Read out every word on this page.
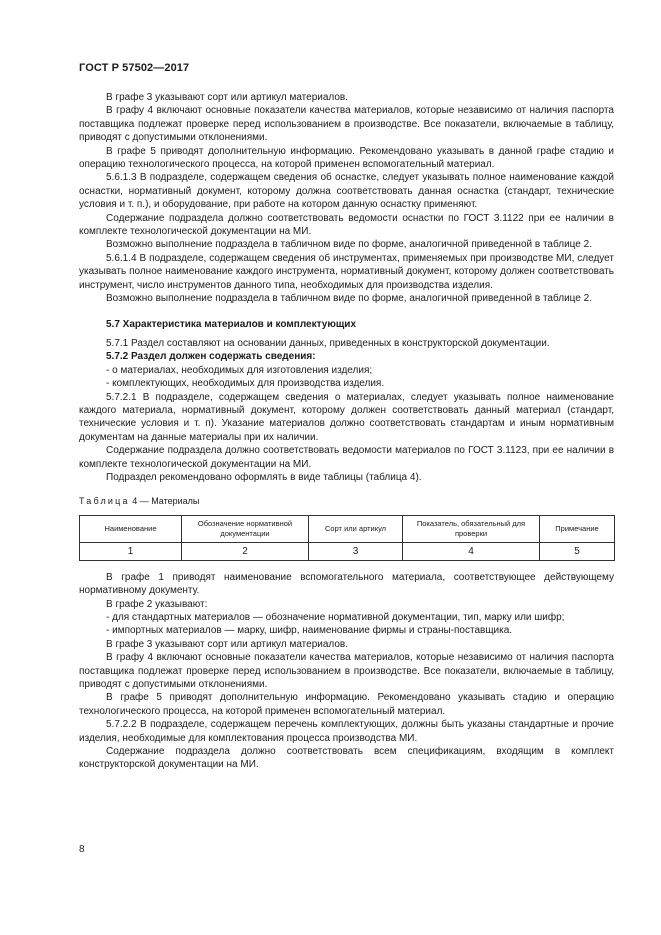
ГОСТ Р 57502—2017

В графе 3 указывают сорт или артикул материалов.

В графу 4 включают основные показатели качества материалов, которые независимо от наличия паспорта поставщика подлежат проверке перед использованием в производстве. Все показатели, включаемые в таблицу, приводят с допустимыми отклонениями.

В графе 5 приводят дополнительную информацию. Рекомендовано указывать в данной графе стадию и операцию технологического процесса, на которой применен вспомогательный материал.

5.6.1.3 В подразделе, содержащем сведения об оснастке, следует указывать полное наименование каждой оснастки, нормативный документ, которому должна соответствовать данная оснастка (стандарт, технические условия и т. п.), и оборудование, при работе на котором данную оснастку применяют.

Содержание подраздела должно соответствовать ведомости оснастки по ГОСТ 3.1122 при ее наличии в комплекте технологической документации на МИ.

Возможно выполнение подраздела в табличном виде по форме, аналогичной приведенной в таблице 2.

5.6.1.4 В подразделе, содержащем сведения об инструментах, применяемых при производстве МИ, следует указывать полное наименование каждого инструмента, нормативный документ, которому должен соответствовать инструмент, число инструментов данного типа, необходимых для производства изделия.

Возможно выполнение подраздела в табличном виде по форме, аналогичной приведенной в таблице 2.

5.7 Характеристика материалов и комплектующих

5.7.1 Раздел составляют на основании данных, приведенных в конструкторской документации.

5.7.2 Раздел должен содержать сведения:

- о материалах, необходимых для изготовления изделия;

- комплектующих, необходимых для производства изделия.

5.7.2.1 В подразделе, содержащем сведения о материалах, следует указывать полное наименование каждого материала, нормативный документ, которому должен соответствовать данный материал (стандарт, технические условия и т. п). Указание материалов должно соответствовать стандартам и иным нормативным документам на данные материалы при их наличии.

Содержание подраздела должно соответствовать ведомости материалов по ГОСТ 3.1123, при ее наличии в комплекте технологической документации на МИ.

Подраздел рекомендовано оформлять в виде таблицы (таблица 4).

Таблица 4 — Материалы
Наименование	Обозначение нормативной документации	Сорт или артикул	Показатель, обязательный для проверки	Примечание
1	2	3	4	5

В графе 1 приводят наименование вспомогательного материала, соответствующее действующему нормативному документу.

В графе 2 указывают:

- для стандартных материалов — обозначение нормативной документации, тип, марку или шифр;

- импортных материалов — марку, шифр, наименование фирмы и страны-поставщика.

В графе 3 указывают сорт или артикул материалов.

В графу 4 включают основные показатели качества материалов, которые независимо от наличия паспорта поставщика подлежат проверке перед использованием в производстве. Все показатели, включаемые в таблицу, приводят с допустимыми отклонениями.

В графе 5 приводят дополнительную информацию. Рекомендовано указывать стадию и операцию технологического процесса, на которой применен вспомогательный материал.

5.7.2.2 В подразделе, содержащем перечень комплектующих, должны быть указаны стандартные и прочие изделия, необходимые для комплектования процесса производства МИ.

Содержание подраздела должно соответствовать всем спецификациям, входящим в комплект конструкторской документации на МИ.

8
